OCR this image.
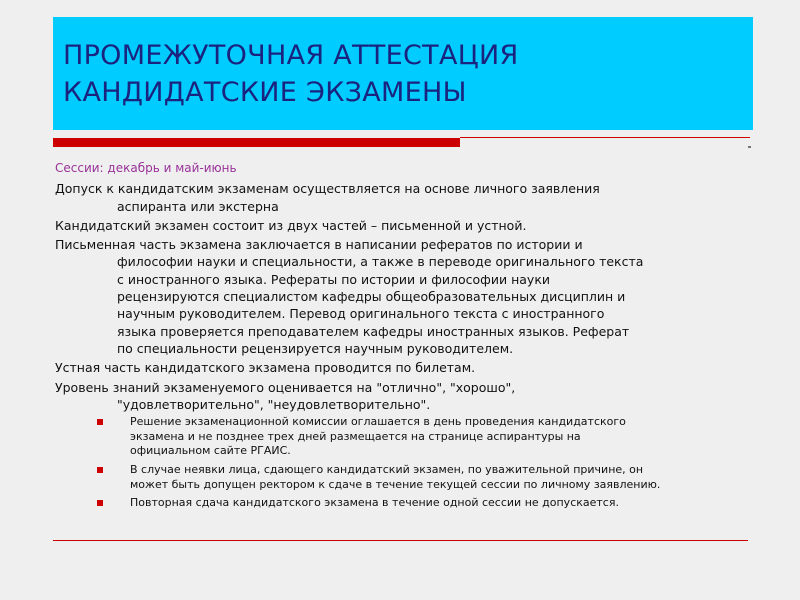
ПРОМЕЖУТОЧНАЯ АТТЕСТАЦИЯ
КАНДИДАТСКИЕ ЭКЗАМЕНЫ
Сессии: декабрь и май-июнь
Допуск к кандидатским экзаменам осуществляется на основе личного заявления
аспиранта или экстерна
Кандидатский экзамен состоит из двух частей – письменной и устной.
Письменная часть экзамена заключается в написании рефератов по истории и
философии науки и специальности, а также в переводе оригинального текста
с иностранного языка. Рефераты по истории и философии науки
рецензируются специалистом кафедры общеобразовательных дисциплин и
научным руководителем. Перевод оригинального текста с иностранного
языка проверяется преподавателем кафедры иностранных языков. Реферат
по специальности рецензируется научным руководителем.
Устная часть кандидатского экзамена проводится по билетам.
Уровень знаний экзаменуемого оценивается на "отлично", "хорошо",
"удовлетворительно", "неудовлетворительно".
Решение экзаменационной комиссии оглашается в день проведения кандидатского
экзамена и не позднее трех дней размещается на странице аспирантуры на
официальном сайте РГАИС.
В случае неявки лица, сдающего кандидатский экзамен, по уважительной причине, он
может быть допущен ректором к сдаче в течение текущей сессии по личному заявлению.
Повторная сдача кандидатского экзамена в течение одной сессии не допускается.
